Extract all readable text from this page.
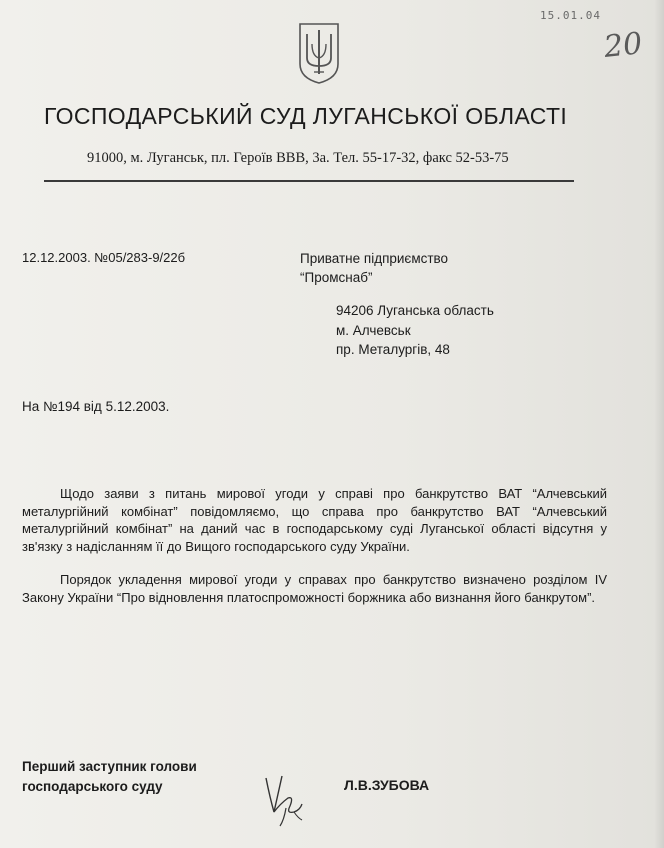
15.01.04
20
ГОСПОДАРСЬКИЙ СУД ЛУГАНСЬКОЇ ОБЛАСТІ
91000, м. Луганськ, пл. Героїв ВВВ, 3а. Тел. 55-17-32, факс 52-53-75
12.12.2003. №05/283-9/22б	Приватне підприємство
“Промснаб”
94206 Луганська область
м. Алчевськ
пр. Металургів, 48
На №194 від 5.12.2003.

Щодо заяви з питань мирової угоди у справі про банкрутство ВАТ “Алчевський металургійний комбінат” повідомляємо, що справа про банкрутство ВАТ “Алчевський металургійний комбінат” на даний час в господарському суді Луганської області відсутня у зв'язку з надісланням її до Вищого господарського суду України.

Порядок укладення мирової угоди у справах про банкрутство визначено розділом IV Закону України “Про відновлення платоспроможності боржника або визнання його банкрутом”.

Перший заступник голови
господарського суду	Л.В.ЗУБОВА
